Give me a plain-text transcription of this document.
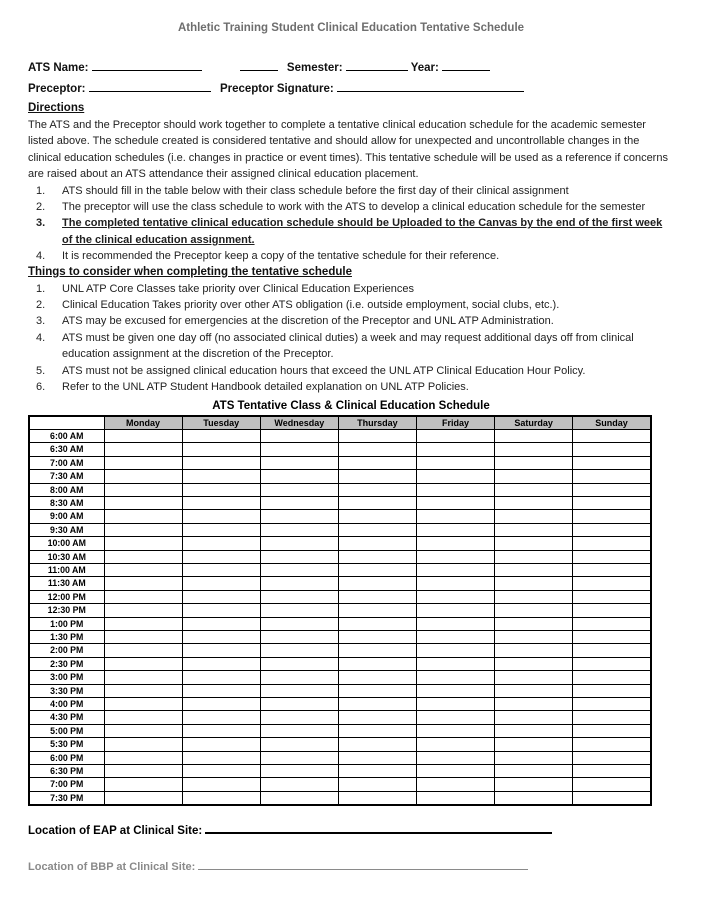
Athletic Training Student Clinical Education Tentative Schedule
ATS Name:	Semester:	Year:
Preceptor:	Preceptor Signature:
Directions

The ATS and the Preceptor should work together to complete a tentative clinical education schedule for the academic semester listed above. The schedule created is considered tentative and should allow for unexpected and uncontrollable changes in the clinical education schedules (i.e. changes in practice or event times). This tentative schedule will be used as a reference if concerns are raised about an ATS attendance their assigned clinical education placement.

1.	ATS should fill in the table below with their class schedule before the first day of their clinical assignment
2.	The preceptor will use the class schedule to work with the ATS to develop a clinical education schedule for the semester
3.	The completed tentative clinical education schedule should be Uploaded to the Canvas by the end of the first week of the clinical education assignment.
4.	It is recommended the Preceptor keep a copy of the tentative schedule for their reference.
Things to consider when completing the tentative schedule
1.	UNL ATP Core Classes take priority over Clinical Education Experiences
2.	Clinical Education Takes priority over other ATS obligation (i.e. outside employment, social clubs, etc.).
3.	ATS may be excused for emergencies at the discretion of the Preceptor and UNL ATP Administration.
4.	ATS must be given one day off (no associated clinical duties) a week and may request additional days off from clinical education assignment at the discretion of the Preceptor.
5.	ATS must not be assigned clinical education hours that exceed the UNL ATP Clinical Education Hour Policy.
6.	Refer to the UNL ATP Student Handbook detailed explanation on UNL ATP Policies.
ATS Tentative Class & Clinical Education Schedule
	Monday	Tuesday	Wednesday	Thursday	Friday	Saturday	Sunday
6:00 AM							
6:30 AM							
7:00 AM							
7:30 AM							
8:00 AM							
8:30 AM							
9:00 AM							
9:30 AM							
10:00 AM							
10:30 AM							
11:00 AM							
11:30 AM							
12:00 PM							
12:30 PM							
1:00 PM							
1:30 PM							
2:00 PM							
2:30 PM							
3:00 PM							
3:30 PM							
4:00 PM							
4:30 PM							
5:00 PM							
5:30 PM							
6:00 PM							
6:30 PM							
7:00 PM							
7:30 PM							
Location of EAP at Clinical Site:
Location of BBP at Clinical Site:
